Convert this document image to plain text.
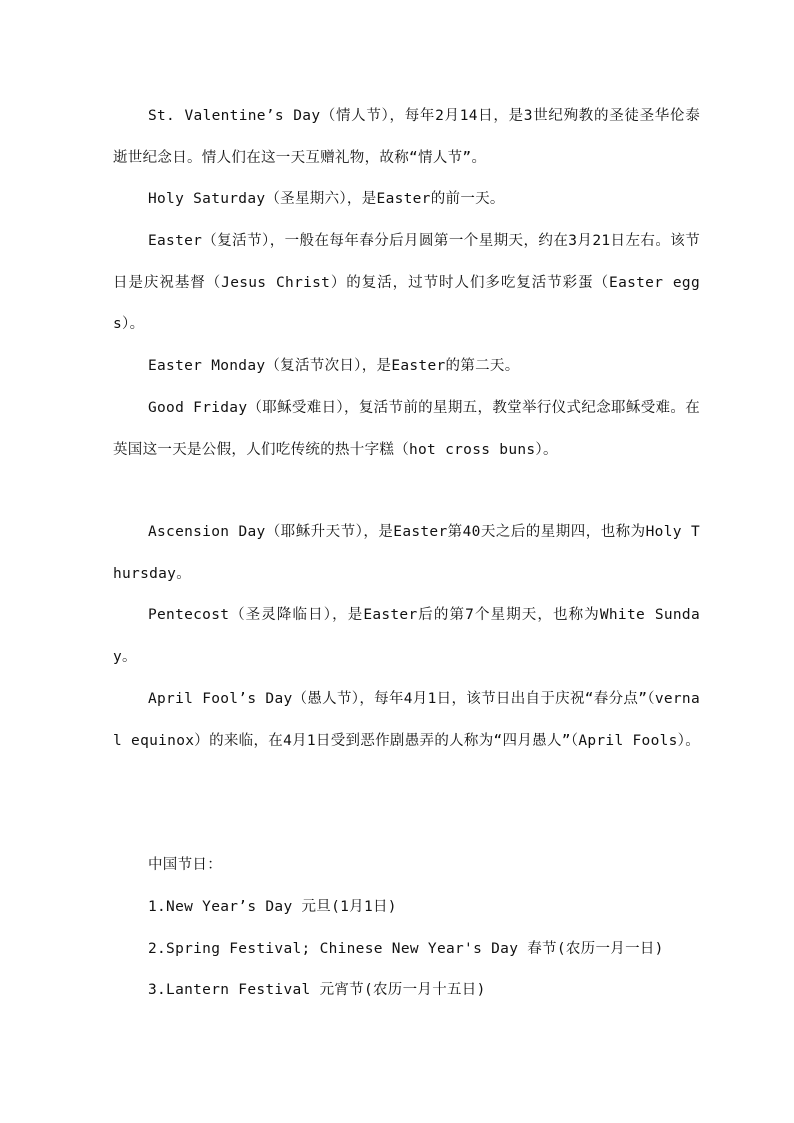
St. Valentine’s Day（情人节），每年2月14日，是3世纪殉教的圣徒圣华伦泰逝世纪念日。情人们在这一天互赠礼物，故称“情人节”。

Holy Saturday（圣星期六），是Easter的前一天。

Easter（复活节），一般在每年春分后月圆第一个星期天，约在3月21日左右。该节日是庆祝基督（Jesus Christ）的复活，过节时人们多吃复活节彩蛋（Easter eggs）。

Easter Monday（复活节次日），是Easter的第二天。

Good Friday（耶稣受难日），复活节前的星期五，教堂举行仪式纪念耶稣受难。在英国这一天是公假，人们吃传统的热十字糕（hot cross buns）。

Ascension Day（耶稣升天节），是Easter第40天之后的星期四，也称为Holy Thursday。

Pentecost（圣灵降临日），是Easter后的第7个星期天，也称为White Sunday。

April Fool’s Day（愚人节），每年4月1日，该节日出自于庆祝“春分点”（vernal equinox）的来临，在4月1日受到恶作剧愚弄的人称为“四月愚人”（April Fools）。

中国节日：

1.New Year’s Day 元旦(1月1日)

2.Spring Festival; Chinese New Year's Day 春节(农历一月一日)

3.Lantern Festival 元宵节(农历一月十五日)
